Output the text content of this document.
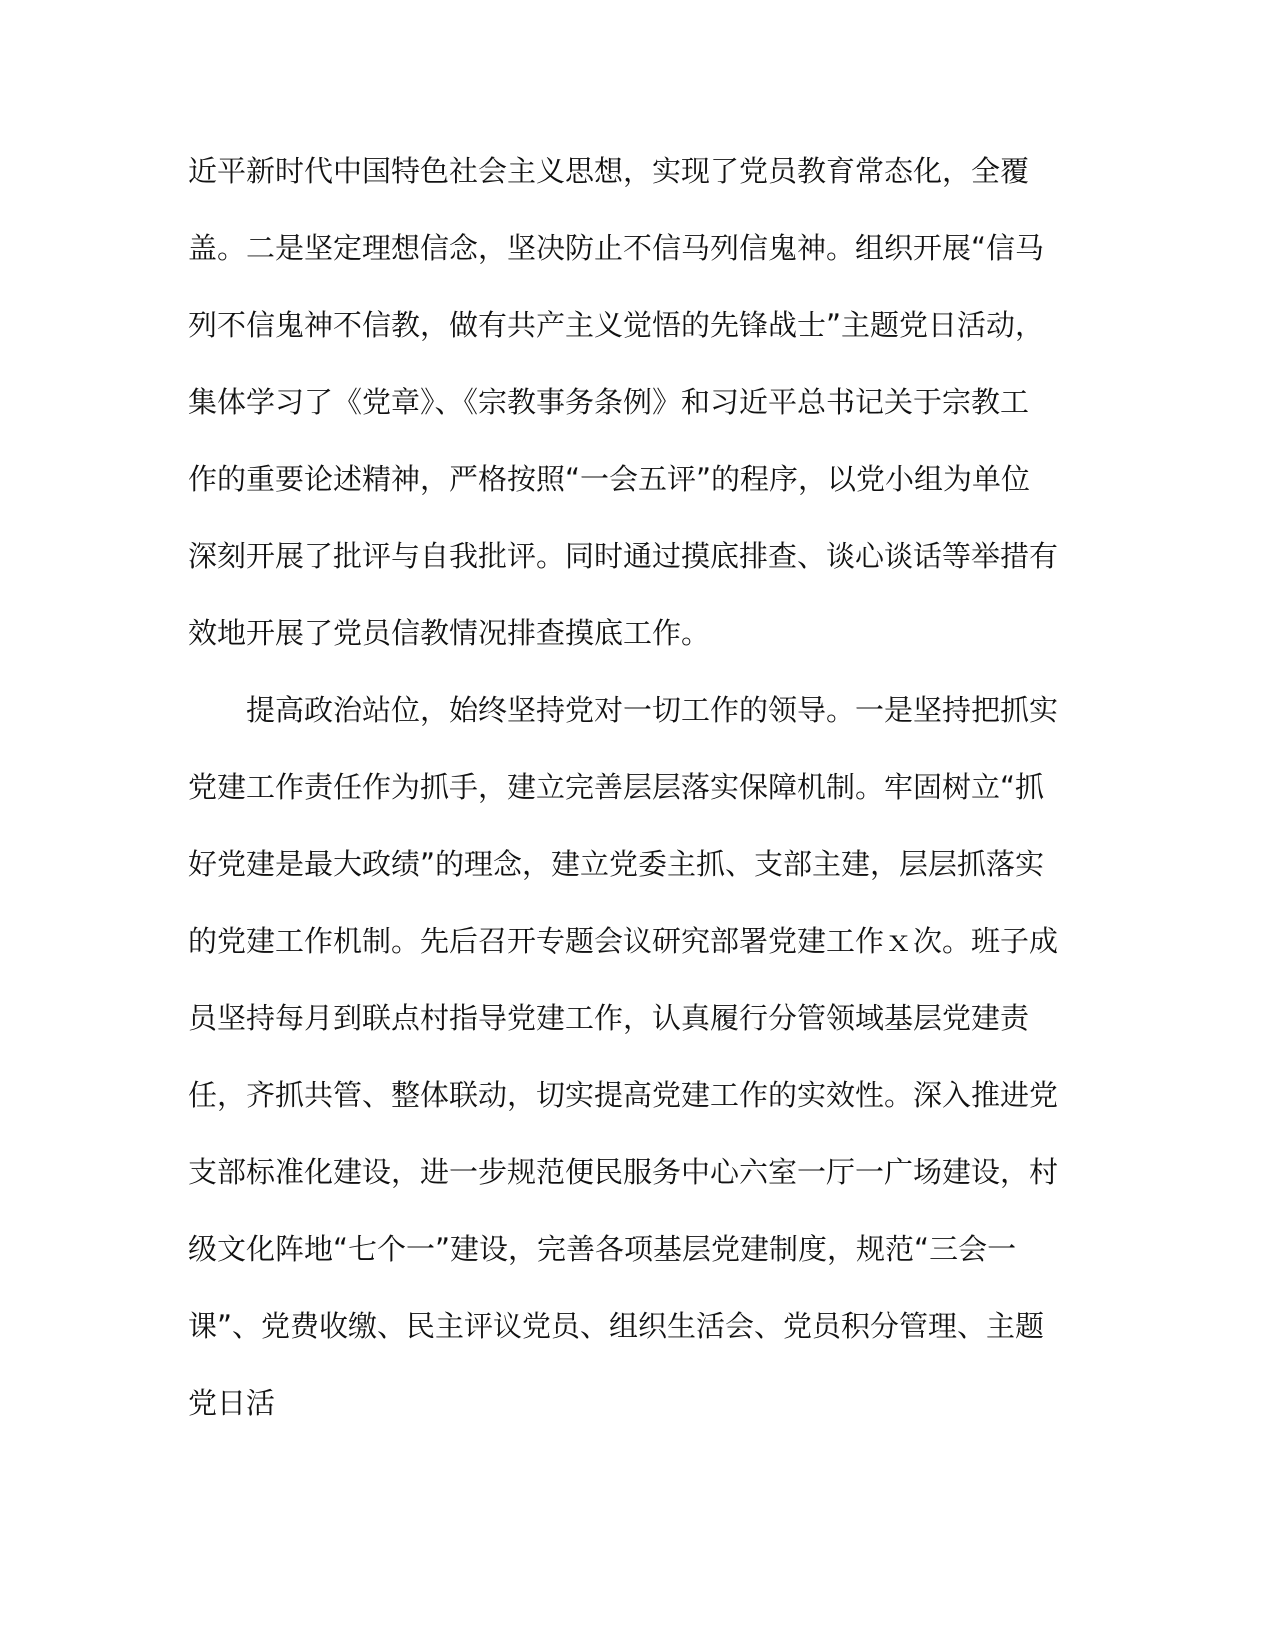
近平新时代中国特色社会主义思想，实现了党员教育常态化，全覆
盖。二是坚定理想信念，坚决防止不信马列信鬼神。组织开展“信马
列不信鬼神不信教，做有共产主义觉悟的先锋战士”主题党日活动，
集体学习了《党章》、《宗教事务条例》和习近平总书记关于宗教工
作的重要论述精神，严格按照“一会五评”的程序，以党小组为单位
深刻开展了批评与自我批评。同时通过摸底排查、谈心谈话等举措有
效地开展了党员信教情况排查摸底工作。
提高政治站位，始终坚持党对一切工作的领导。一是坚持把抓实
党建工作责任作为抓手，建立完善层层落实保障机制。牢固树立“抓
好党建是最大政绩”的理念，建立党委主抓、支部主建，层层抓落实
的党建工作机制。先后召开专题会议研究部署党建工作ｘ次。班子成
员坚持每月到联点村指导党建工作，认真履行分管领域基层党建责
任，齐抓共管、整体联动，切实提高党建工作的实效性。深入推进党
支部标准化建设，进一步规范便民服务中心六室一厅一广场建设，村
级文化阵地“七个一”建设，完善各项基层党建制度，规范“三会一
课”、党费收缴、民主评议党员、组织生活会、党员积分管理、主题
党日活
